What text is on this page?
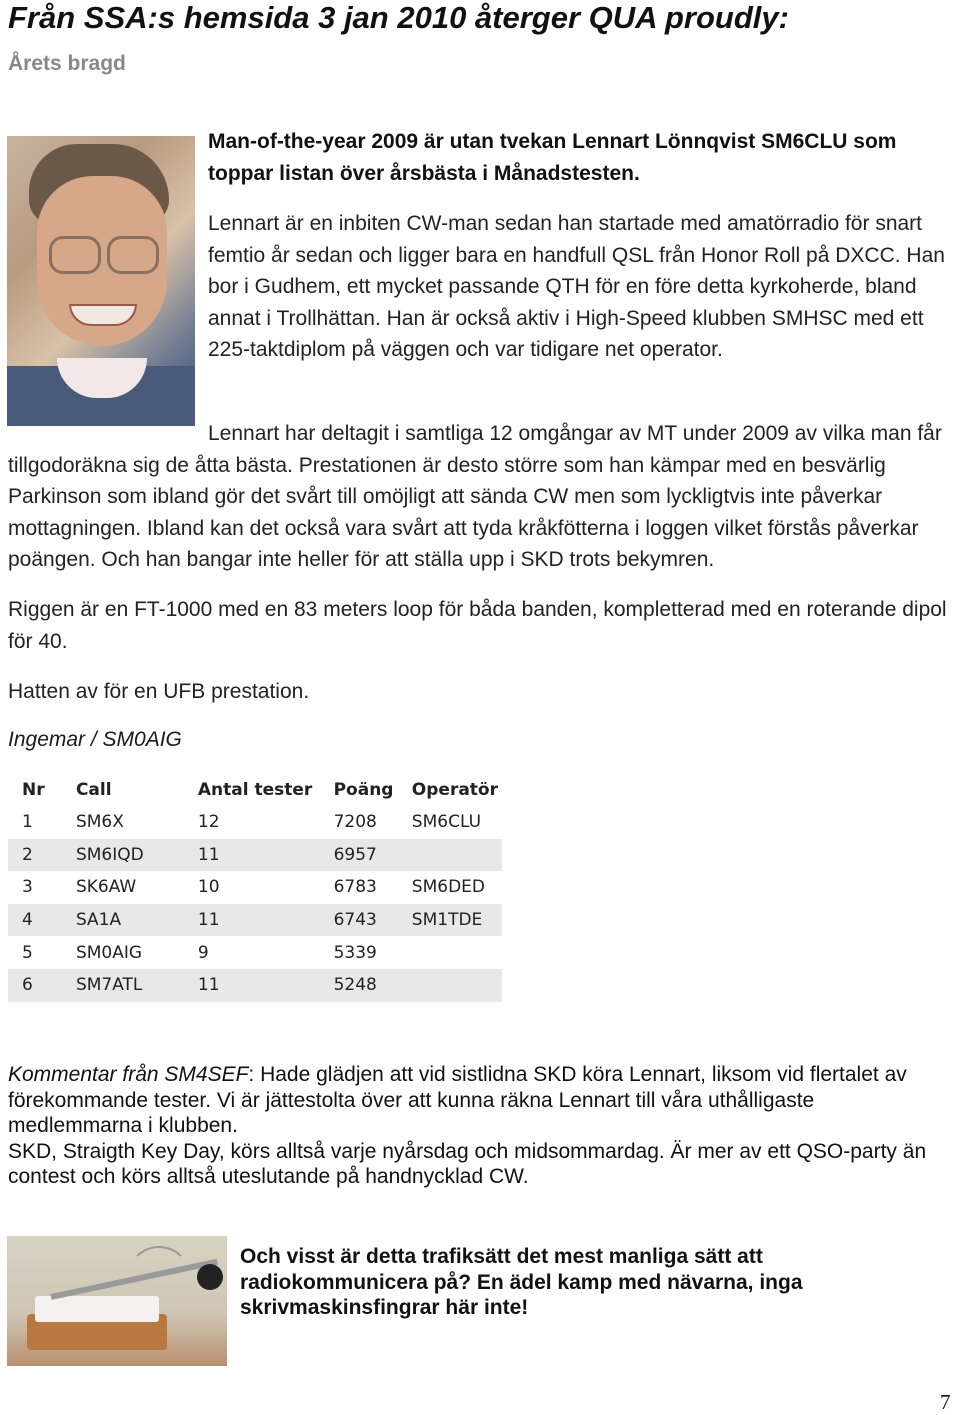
Från SSA:s hemsida 3 jan 2010 återger QUA proudly:
Årets bragd
Man-of-the-year 2009 är utan tvekan Lennart Lönnqvist SM6CLU som toppar listan över årsbästa i Månadstesten.
Lennart är en inbiten CW-man sedan han startade med amatörradio för snart femtio år sedan och ligger bara en handfull QSL från Honor Roll på DXCC. Han bor i Gudhem, ett mycket passande QTH för en före detta kyrkoherde, bland annat i Trollhättan. Han är också aktiv i High-Speed klubben SMHSC med ett 225-taktdiplom på väggen och var tidigare net operator.
Lennart har deltagit i samtliga 12 omgångar av MT under 2009 av vilka man får tillgodoräkna sig de åtta bästa. Prestationen är desto större som han kämpar med en besvärlig Parkinson som ibland gör det svårt till omöjligt att sända CW men som lyckligtvis inte påverkar mottagningen. Ibland kan det också vara svårt att tyda kråkfötterna i loggen vilket förstås påverkar poängen. Och han bangar inte heller för att ställa upp i SKD trots bekymren.
Riggen är en FT-1000 med en 83 meters loop för båda banden, kompletterad med en roterande dipol för 40.
Hatten av för en UFB prestation.
Ingemar / SM0AIG
Nr	Call	Antal tester	Poäng	Operatör
1	SM6X	12	7208	SM6CLU
2	SM6IQD	11	6957	
3	SK6AW	10	6783	SM6DED
4	SA1A	11	6743	SM1TDE
5	SM0AIG	9	5339	
6	SM7ATL	11	5248	
Kommentar från SM4SEF: Hade glädjen att vid sistlidna SKD köra Lennart, liksom vid flertalet av förekommande tester. Vi är jättestolta över att kunna räkna Lennart till våra uthålligaste medlemmarna i klubben.
SKD, Straigth Key Day, körs alltså varje nyårsdag och midsommardag. Är mer av ett QSO-party än contest och körs alltså uteslutande på handnycklad CW.
Och visst är detta trafiksätt det mest manliga sätt att radiokommunicera på? En ädel kamp med nävarna, inga skrivmaskinsfingrar här inte!
7
